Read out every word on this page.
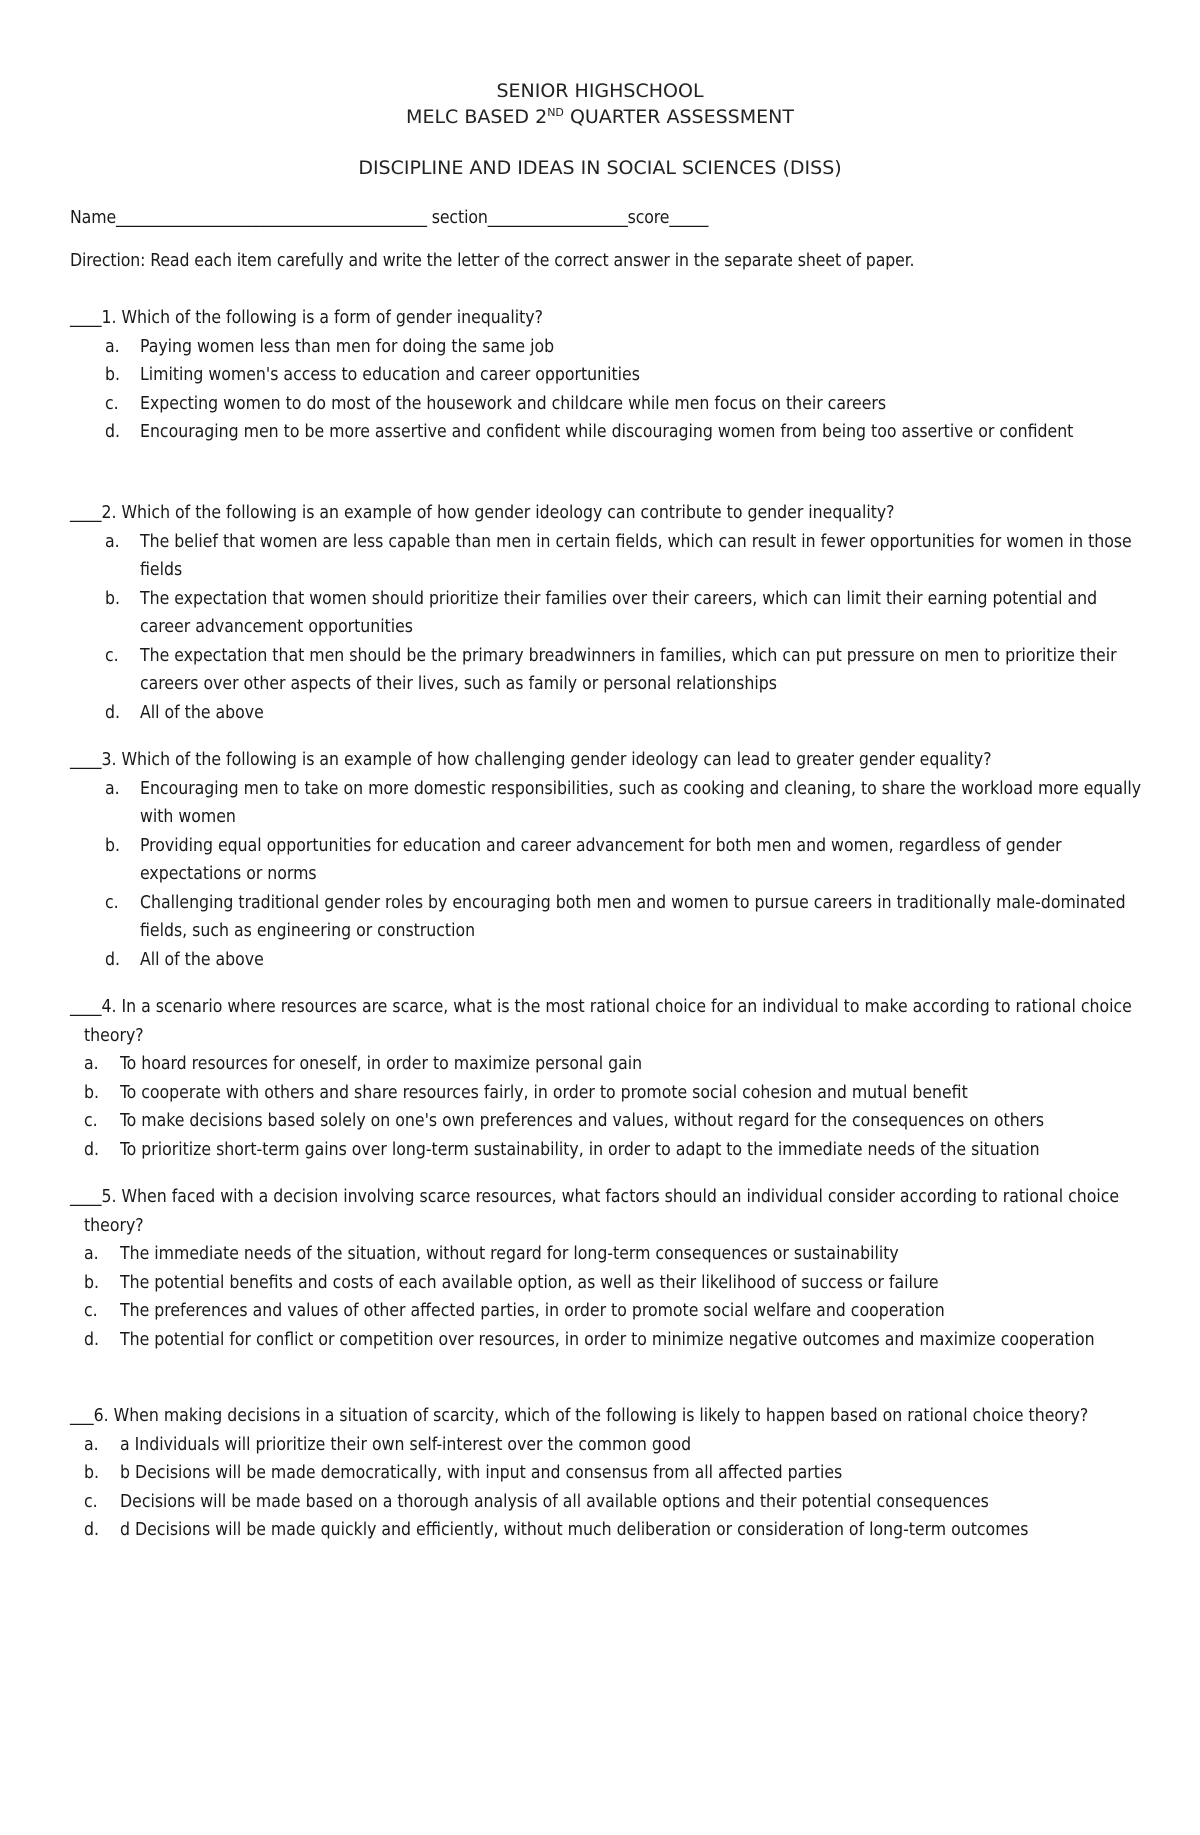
SENIOR HIGHSCHOOL
MELC BASED 2ND QUARTER ASSESSMENT
DISCIPLINE AND IDEAS IN SOCIAL SCIENCES (DISS)
Name________________________________________ section__________________score_____
Direction: Read each item carefully and write the letter of the correct answer in the separate sheet of paper.
____1. Which of the following is a form of gender inequality?
a.	Paying women less than men for doing the same job
b.	Limiting women's access to education and career opportunities
c.	Expecting women to do most of the housework and childcare while men focus on their careers
d.	Encouraging men to be more assertive and confident while discouraging women from being too assertive or confident
____2. Which of the following is an example of how gender ideology can contribute to gender inequality?
a.	The belief that women are less capable than men in certain fields, which can result in fewer opportunities for women in those fields
b.	The expectation that women should prioritize their families over their careers, which can limit their earning potential and career advancement opportunities
c.	The expectation that men should be the primary breadwinners in families, which can put pressure on men to prioritize their careers over other aspects of their lives, such as family or personal relationships
d.	All of the above
____3. Which of the following is an example of how challenging gender ideology can lead to greater gender equality?
a.	Encouraging men to take on more domestic responsibilities, such as cooking and cleaning, to share the workload more equally with women
b.	Providing equal opportunities for education and career advancement for both men and women, regardless of gender expectations or norms
c.	Challenging traditional gender roles by encouraging both men and women to pursue careers in traditionally male-dominated fields, such as engineering or construction
d.	All of the above
____4. In a scenario where resources are scarce, what is the most rational choice for an individual to make according to rational choice theory?
a.	To hoard resources for oneself, in order to maximize personal gain
b.	To cooperate with others and share resources fairly, in order to promote social cohesion and mutual benefit
c.	To make decisions based solely on one's own preferences and values, without regard for the consequences on others
d.	To prioritize short-term gains over long-term sustainability, in order to adapt to the immediate needs of the situation
____5. When faced with a decision involving scarce resources, what factors should an individual consider according to rational choice theory?
a.	The immediate needs of the situation, without regard for long-term consequences or sustainability
b.	The potential benefits and costs of each available option, as well as their likelihood of success or failure
c.	The preferences and values of other affected parties, in order to promote social welfare and cooperation
d.	The potential for conflict or competition over resources, in order to minimize negative outcomes and maximize cooperation
___6. When making decisions in a situation of scarcity, which of the following is likely to happen based on rational choice theory?
a.	a Individuals will prioritize their own self-interest over the common good
b.	b Decisions will be made democratically, with input and consensus from all affected parties
c.	Decisions will be made based on a thorough analysis of all available options and their potential consequences
d.	d Decisions will be made quickly and efficiently, without much deliberation or consideration of long-term outcomes
